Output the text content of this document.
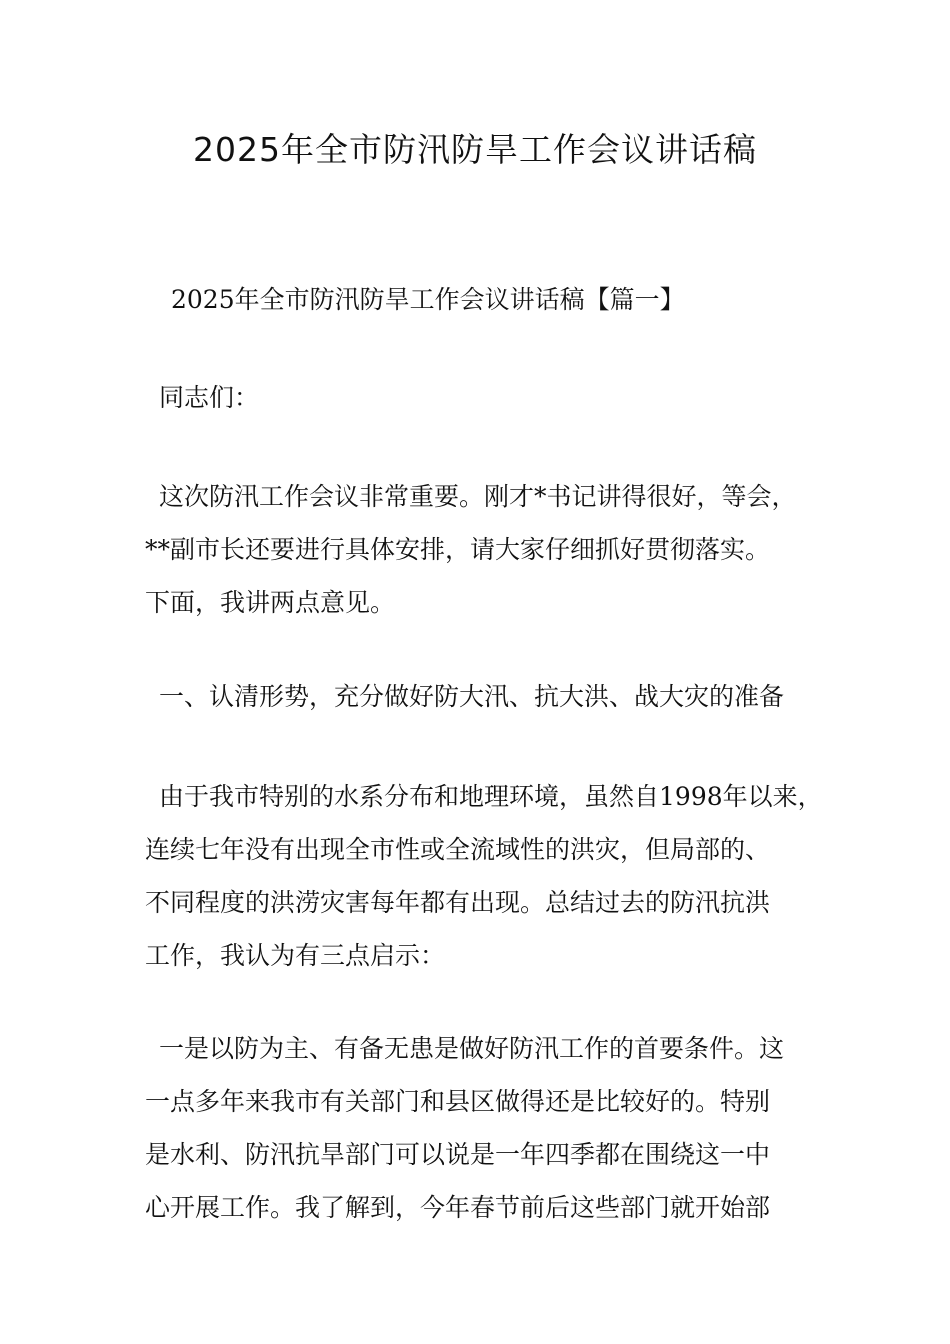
2025年全市防汛防旱工作会议讲话稿
2025年全市防汛防旱工作会议讲话稿【篇一】
同志们：
这次防汛工作会议非常重要。刚才*书记讲得很好，等会，
**副市长还要进行具体安排，请大家仔细抓好贯彻落实。
下面，我讲两点意见。
一、认清形势，充分做好防大汛、抗大洪、战大灾的准备
由于我市特别的水系分布和地理环境，虽然自1998年以来，
连续七年没有出现全市性或全流域性的洪灾，但局部的、
不同程度的洪涝灾害每年都有出现。总结过去的防汛抗洪
工作，我认为有三点启示：
一是以防为主、有备无患是做好防汛工作的首要条件。这
一点多年来我市有关部门和县区做得还是比较好的。特别
是水利、防汛抗旱部门可以说是一年四季都在围绕这一中
心开展工作。我了解到，今年春节前后这些部门就开始部
